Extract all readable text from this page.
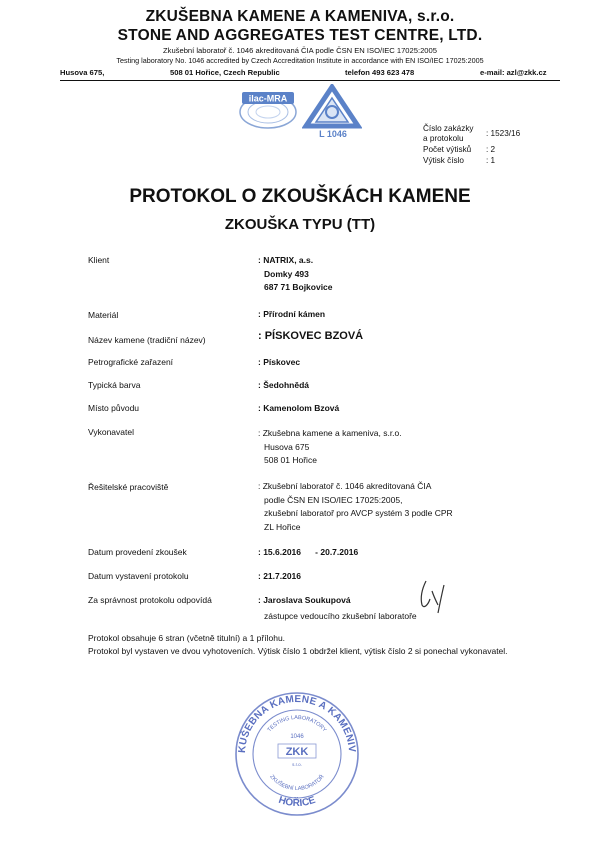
ZKUŠEBNA KAMENE A KAMENIVA, s.r.o.
STONE AND AGGREGATES TEST CENTRE, LTD.
Zkušební laboratoř č. 1046 akreditovaná ČIA podle ČSN EN ISO/IEC 17025:2005
Testing laboratory No. 1046 accredited by Czech Accreditation Institute in accordance with EN ISO/IEC 17025:2005
Husova 675,	508 01 Hořice, Czech Republic	telefon 493 623 478	e-mail: azl@zkk.cz
ilac-MRA
L 1046
Číslo zakázky
a protokolu
: 1523/16
Počet výtisků : 2
Výtisk číslo	: 1
PROTOKOL O ZKOUŠKÁCH KAMENE
ZKOUŠKA TYPU (TT)
Klient	: NATRIX, a.s.
Domky 493
687 71 Bojkovice
Materiál	: Přírodní kámen
Název kamene (tradiční název)	: PÍSKOVEC BZOVÁ
Petrografické zařazení	: Pískovec
Typická barva	: Šedohnědá
Místo původu	: Kamenolom Bzová
Vykonavatel	: Zkušebna kamene a kameniva, s.r.o.
Husova 675
508 01 Hořice
Řešitelské pracoviště	: Zkušební laboratoř č. 1046 akreditovaná ČIA
podle ČSN EN ISO/IEC 17025:2005,
zkušební laboratoř pro AVCP systém 3 podle CPR
ZL Hořice
Datum provedení zkoušek	: 15.6.2016      - 20.7.2016
Datum vystavení protokolu	: 21.7.2016
Za správnost protokolu odpovídá	: Jaroslava Soukupová
zástupce vedoucího zkušební laboratoře
Protokol obsahuje 6 stran (včetně titulní) a 1 přílohu.
Protokol byl vystaven ve dvou vyhotoveních. Výtisk číslo 1 obdržel klient, výtisk číslo 2 si ponechal vykonavatel.
KUŠEBNA KAMENE A KAMENIV
HOŘICE
TESTING LABORATORY
ZKUŠEBNÍ LABORATOŘ
1046
ZKK
s.r.o.
